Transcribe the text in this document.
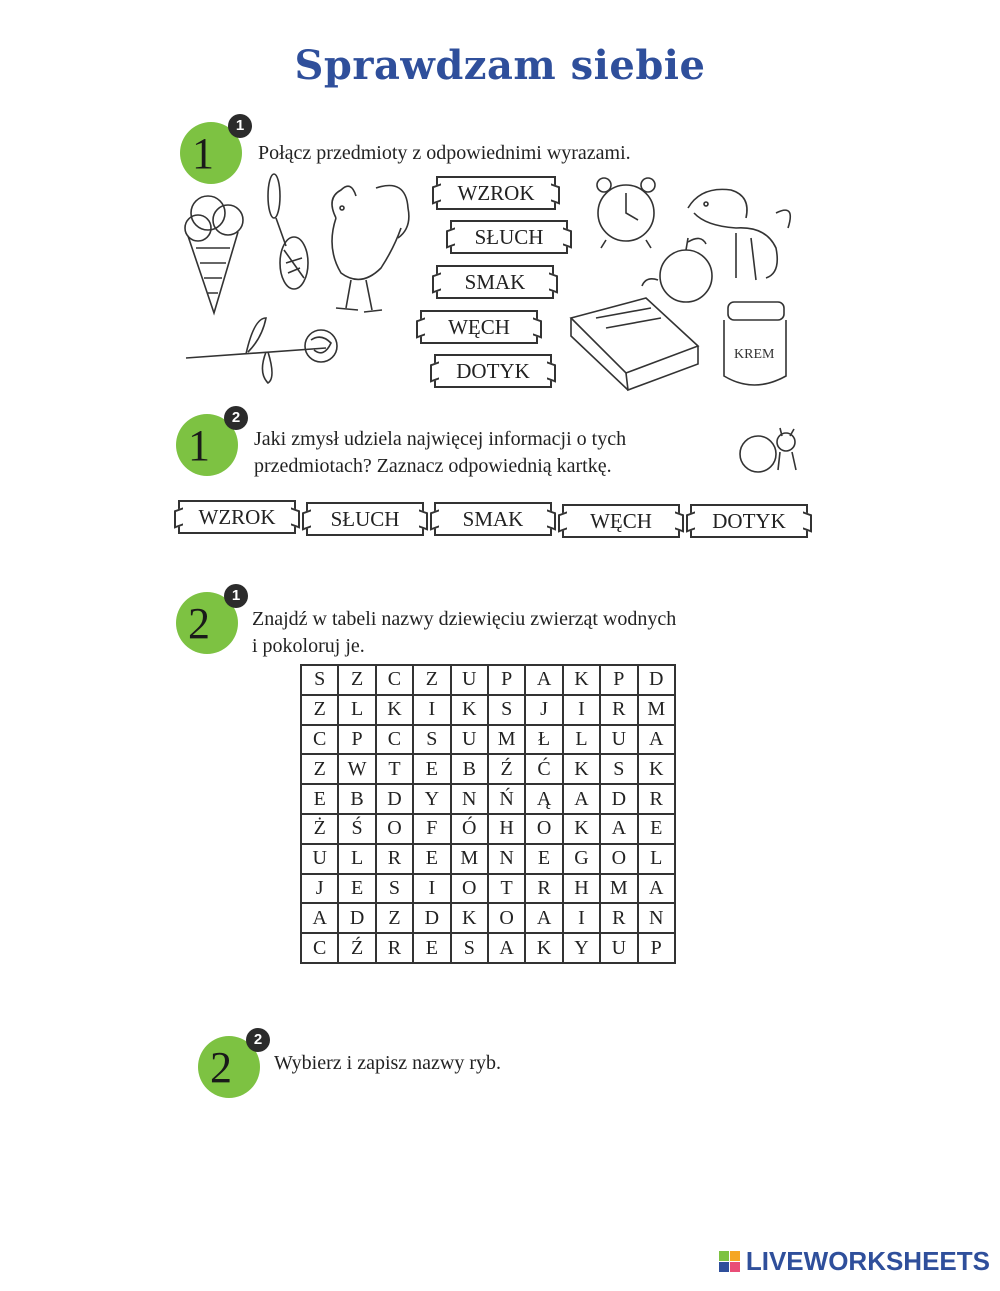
Sprawdzam siebie
1
1
Połącz przedmioty z odpowiednimi wyrazami.
KREM
WZROK
SŁUCH
SMAK
WĘCH
DOTYK
1
2
Jaki zmysł udziela najwięcej informacji o tych
przedmiotach? Zaznacz odpowiednią kartkę.
WZROK	SŁUCH	SMAK	WĘCH	DOTYK
2
1
Znajdź w tabeli nazwy dziewięciu zwierząt wodnych
i pokoloruj je.
S	Z	C	Z	U	P	A	K	P	D
Z	L	K	I	K	S	J	I	R	M
C	P	C	S	U	M	Ł	L	U	A
Z	W	T	E	B	Ź	Ć	K	S	K
E	B	D	Y	N	Ń	Ą	A	D	R
Ż	Ś	O	F	Ó	H	O	K	A	E
U	L	R	E	M	N	E	G	O	L
J	E	S	I	O	T	R	H	M	A
A	D	Z	D	K	O	A	I	R	N
C	Ź	R	E	S	A	K	Y	U	P
2
2
Wybierz i zapisz nazwy ryb.
LIVEWORKSHEETS
